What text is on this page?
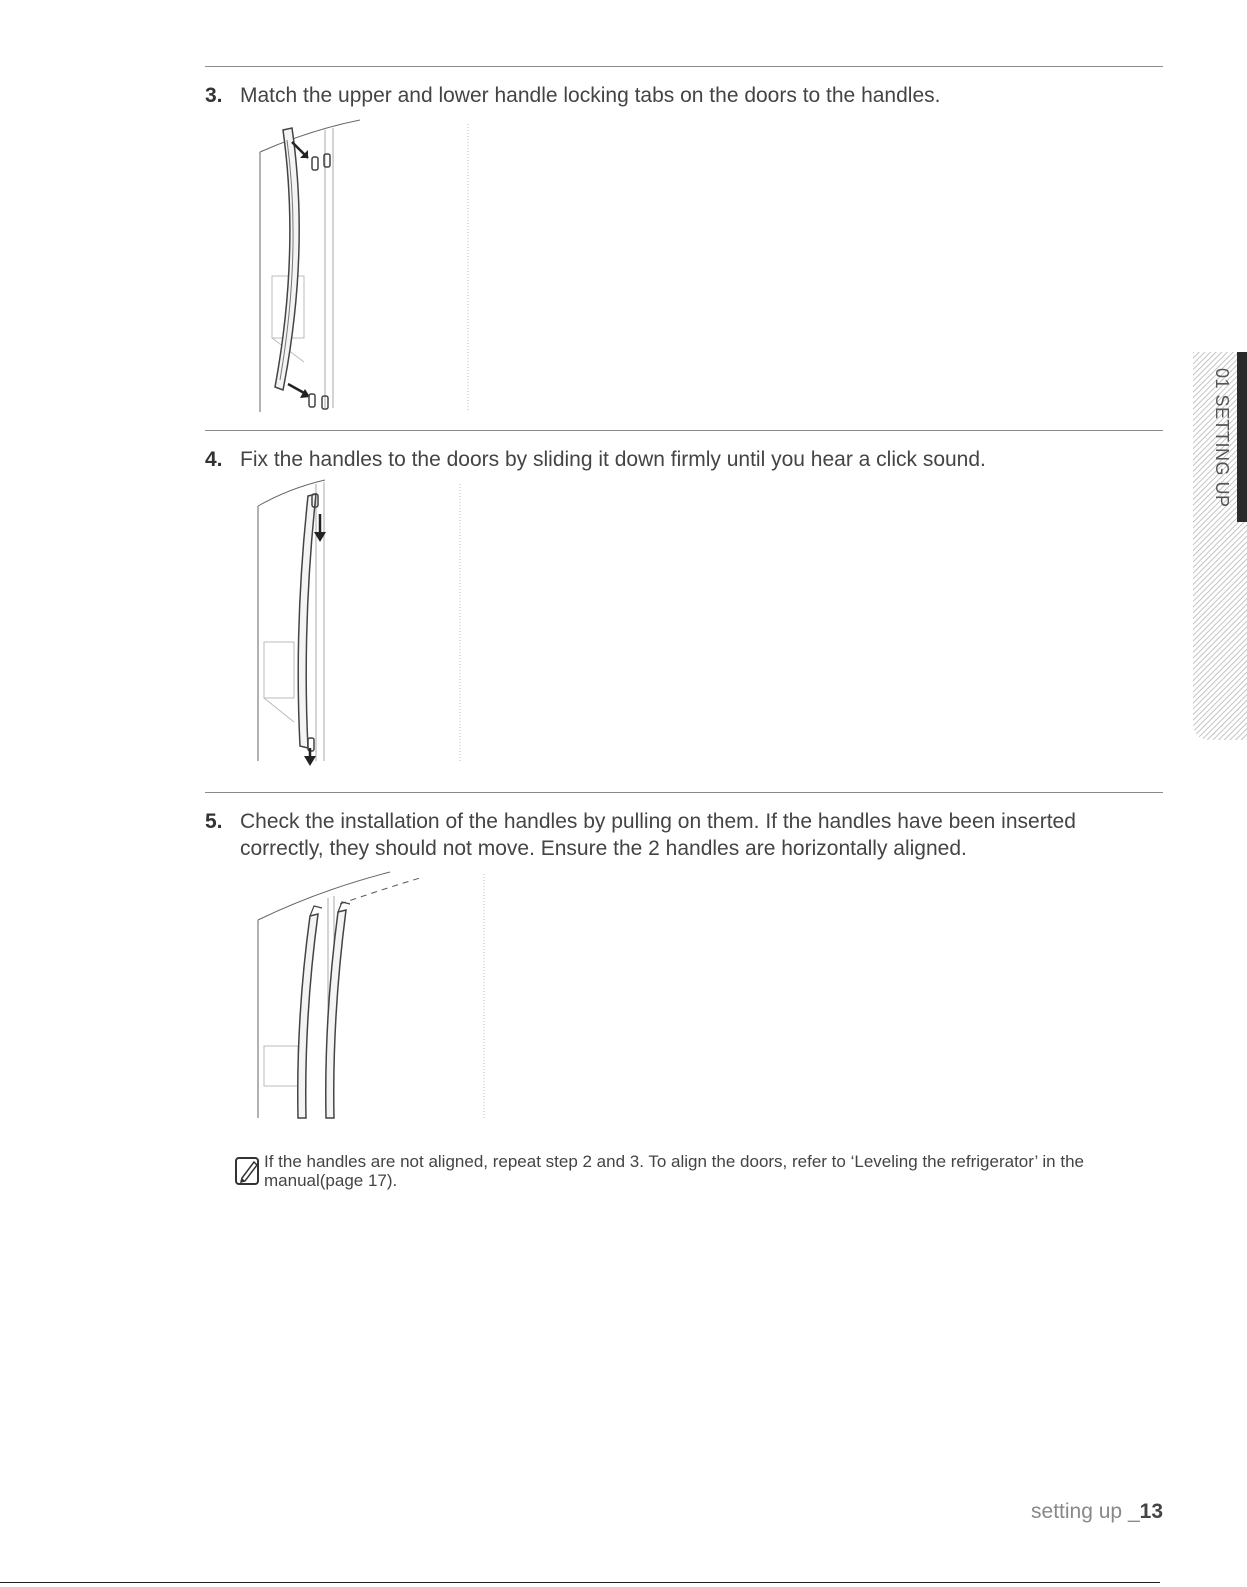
3. Match the upper and lower handle locking tabs on the doors to the handles.
4. Fix the handles to the doors by sliding it down firmly until you hear a click sound.
5. Check the installation of the handles by pulling on them. If the handles have been inserted correctly, they should not move. Ensure the 2 handles are horizontally aligned.
If the handles are not aligned, repeat step 2 and 3. To align the doors, refer to ‘Leveling the refrigerator’ in the manual(page 17).
01 SETTING UP
setting up _13
